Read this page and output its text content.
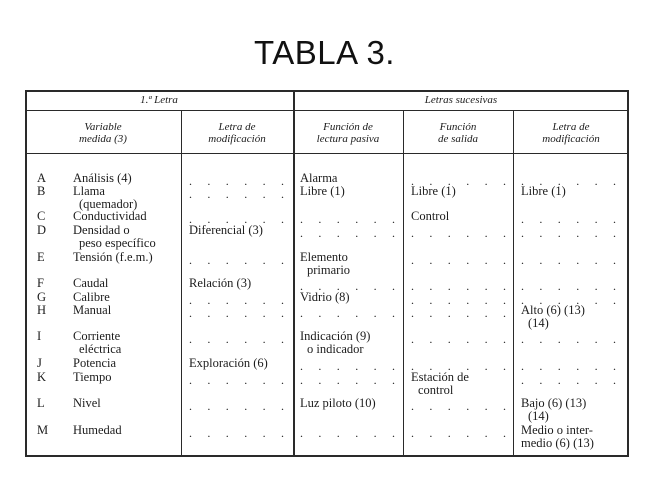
TABLA 3.
1.ª Letra	Letras sucesivas
Variable
medida (3)
Letra de
modificación
Función de
lectura pasiva
Función
de salida
Letra de
modificación
A
B
C
D
E
F
G
H
I
J
K
L
M
Análisis (4)
Llama
(quemador)
Conductividad
Densidad o
peso específico
Tensión (f.e.m.)
Caudal
Calibre
Manual
Corriente
eléctrica
Potencia
Tiempo
Nivel
Humedad
. . . . . .
. . . . . .
. . . . . .
Diferencial (3)
. . . . . .
Relación (3)
. . . . . .
. . . . . .
. . . . . .
Exploración (6)
. . . . . .
. . . . . .
. . . . . .
Alarma
Libre (1)
. . . . . .
. . . . . .
Elemento
primario
. . . . . .
Vidrio (8)
. . . . . .
Indicación (9)
o indicador
. . . . . .
. . . . . .
Luz piloto (10)
. . . . . .
. . . . . .
Libre (1)
Control
. . . . . .
. . . . . .
. . . . . .
. . . . . .
. . . . . .
. . . . . .
. . . . . .
Estación de
control
. . . . . .
. . . . . .
. . . . . .
Libre (1)
. . . . . .
. . . . . .
. . . . . .
. . . . . .
. . . . . .
Alto (6) (13)
(14)
. . . . . .
. . . . . .
. . . . . .
Bajo (6) (13)
(14)
Medio o inter-
medio (6) (13)
